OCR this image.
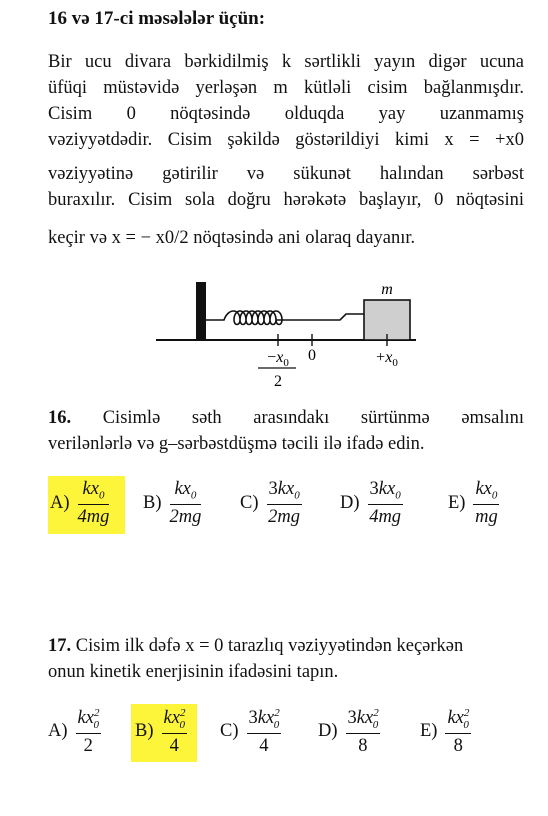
16 və 17-ci məsələlər üçün:
Bir ucu divara bərkidilmiş k sərtlikli yayın digər ucuna
üfüqi müstəvidə yerləşən m kütləli cisim bağlanmışdır.
Cisim 0 nöqtəsində olduqda yay uzanmamış
vəziyyətdədir. Cisim şəkildə göstərildiyi kimi x = +x0
vəziyyətinə gətirilir və sükunət halından sərbəst
buraxılır. Cisim sola doğru hərəkətə başlayır, 0 nöqtəsini
keçir və x = − x0/2 nöqtəsində ani olaraq dayanır.
m
$-x_0$
2
0	$+x_0$
16. Cisimlə səth arasındakı sürtünmə əmsalını
verilənlərlə və g–sərbəstdüşmə təcili ilə ifadə edin.
$A) \frac{kx_0}{4mg} B) \frac{kx_0}{2mg} C) \frac{3kx_0}{2mg} D) \frac{3kx_0}{4mg} E) \frac{kx_0}{mg}$
17. Cisim ilk dəfə x = 0 tarazlıq vəziyyətindən keçərkən
onun kinetik enerjisinin ifadəsini tapın.
$A) \frac{kx^2_0}{2} B) \frac{kx^2_0}{4} C) \frac{3kx^2_0}{4} D) \frac{3kx^2_0}{8} E) \frac{kx^2_0}{8}$
